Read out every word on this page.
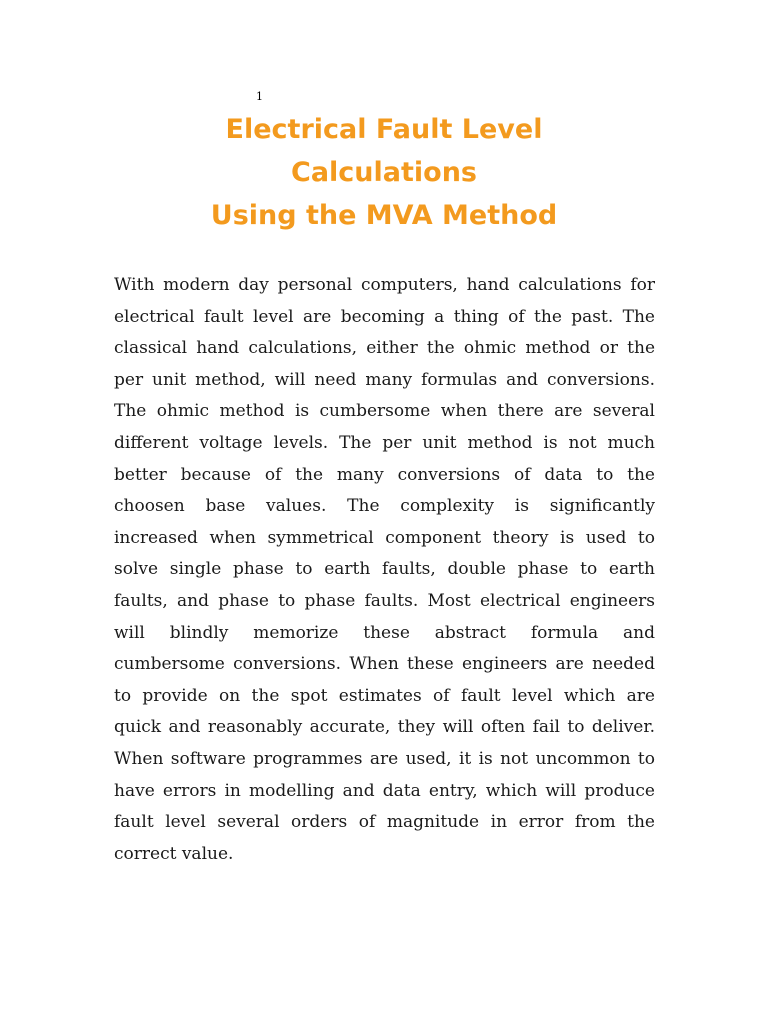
1
Electrical Fault Level
Calculations
Using the MVA Method
With modern day personal computers, hand calculations for
electrical fault level are becoming a thing of the past. The
classical hand calculations, either the ohmic method or the
per unit method, will need many formulas and conversions.
The ohmic method is cumbersome when there are several
different voltage levels. The per unit method is not much
better because of the many conversions of data to the
choosen base values. The complexity is significantly
increased when symmetrical component theory is used to
solve single phase to earth faults, double phase to earth
faults, and phase to phase faults. Most electrical engineers
will blindly memorize these abstract formula and
cumbersome conversions. When these engineers are needed
to provide on the spot estimates of fault level which are
quick and reasonably accurate, they will often fail to deliver.
When software programmes are used, it is not uncommon to
have errors in modelling and data entry, which will produce
fault level several orders of magnitude in error from the
correct value.
